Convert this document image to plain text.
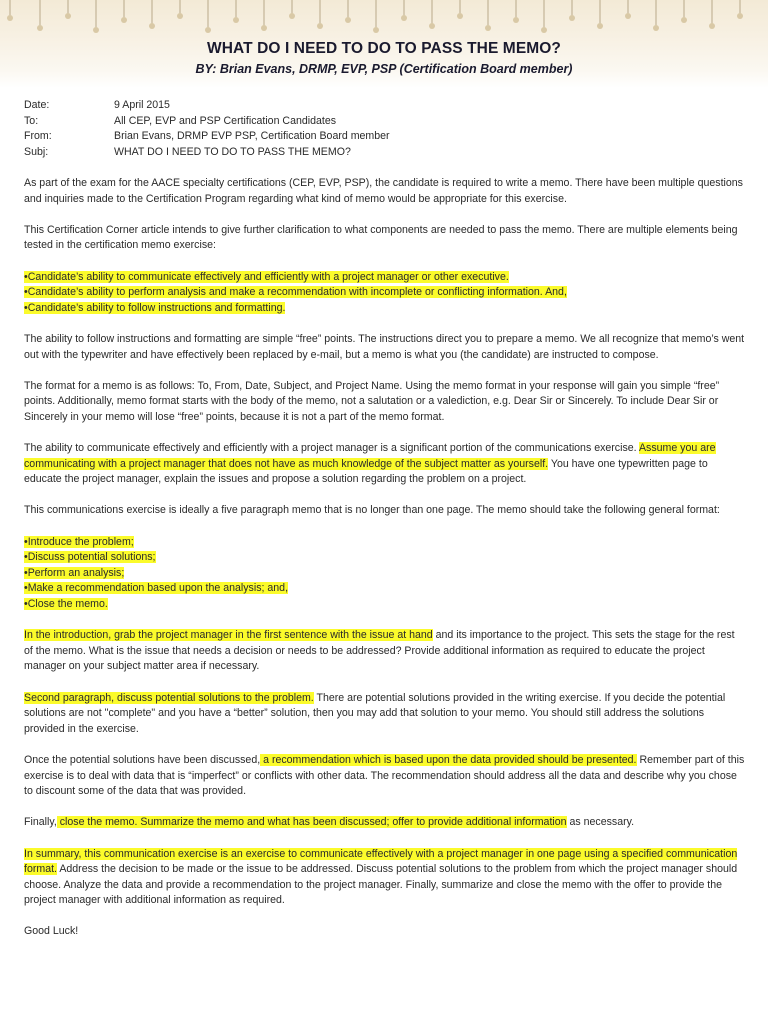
WHAT DO I NEED TO DO TO PASS THE MEMO?
BY: Brian Evans, DRMP, EVP, PSP (Certification Board member)
Date:	9 April 2015
To:	All CEP, EVP and PSP Certification Candidates
From:	Brian Evans, DRMP EVP PSP, Certification Board member
Subj:	WHAT DO I NEED TO DO TO PASS THE MEMO?

As part of the exam for the AACE specialty certifications (CEP, EVP, PSP), the candidate is required to write a memo. There have been multiple questions and inquiries made to the Certification Program regarding what kind of memo would be appropriate for this exercise.

This Certification Corner article intends to give further clarification to what components are needed to pass the memo. There are multiple elements being tested in the certification memo exercise:

•Candidate’s ability to communicate effectively and efficiently with a project manager or other executive.
•Candidate’s ability to perform analysis and make a recommendation with incomplete or conflicting information. And,
•Candidate’s ability to follow instructions and formatting.

The ability to follow instructions and formatting are simple “free” points. The instructions direct you to prepare a memo. We all recognize that memo’s went out with the typewriter and have effectively been replaced by e-mail, but a memo is what you (the candidate) are instructed to compose.

The format for a memo is as follows: To, From, Date, Subject, and Project Name. Using the memo format in your response will gain you simple “free” points. Additionally, memo format starts with the body of the memo, not a salutation or a valediction, e.g. Dear Sir or Sincerely. To include Dear Sir or Sincerely in your memo will lose “free” points, because it is not a part of the memo format.

The ability to communicate effectively and efficiently with a project manager is a significant portion of the communications exercise. Assume you are communicating with a project manager that does not have as much knowledge of the subject matter as yourself. You have one typewritten page to educate the project manager, explain the issues and propose a solution regarding the problem on a project.

This communications exercise is ideally a five paragraph memo that is no longer than one page. The memo should take the following general format:

•Introduce the problem;
•Discuss potential solutions;
•Perform an analysis;
•Make a recommendation based upon the analysis; and,
•Close the memo.

In the introduction, grab the project manager in the first sentence with the issue at hand and its importance to the project. This sets the stage for the rest of the memo. What is the issue that needs a decision or needs to be addressed? Provide additional information as required to educate the project manager on your subject matter area if necessary.

Second paragraph, discuss potential solutions to the problem. There are potential solutions provided in the writing exercise. If you decide the potential solutions are not "complete" and you have a “better” solution, then you may add that solution to your memo. You should still address the solutions provided in the exercise.

Once the potential solutions have been discussed, a recommendation which is based upon the data provided should be presented. Remember part of this exercise is to deal with data that is “imperfect” or conflicts with other data. The recommendation should address all the data and describe why you chose to discount some of the data that was provided.

Finally, close the memo. Summarize the memo and what has been discussed; offer to provide additional information as necessary.

In summary, this communication exercise is an exercise to communicate effectively with a project manager in one page using a specified communication format. Address the decision to be made or the issue to be addressed. Discuss potential solutions to the problem from which the project manager should choose. Analyze the data and provide a recommendation to the project manager. Finally, summarize and close the memo with the offer to provide the project manager with additional information as required.

Good Luck!
